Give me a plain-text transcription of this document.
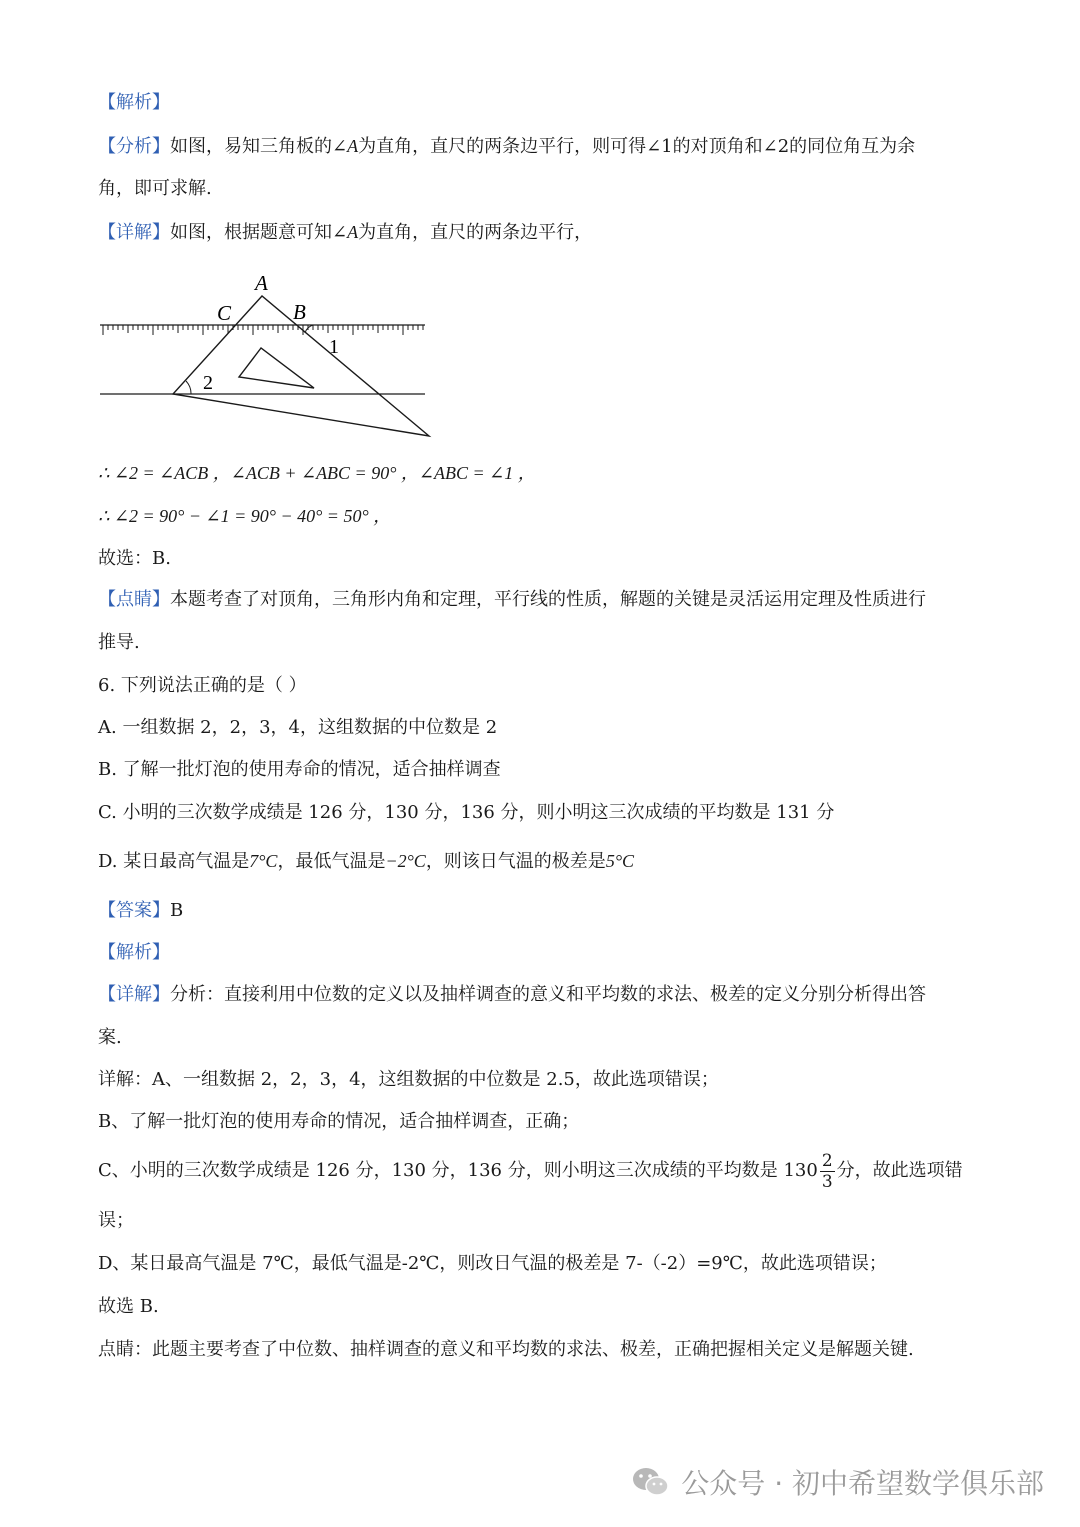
【解析】
【分析】如图，易知三角板的∠A为直角，直尺的两条边平行，则可得∠1的对顶角和∠2的同位角互为余
角，即可求解.
【详解】如图，根据题意可知∠A为直角，直尺的两条边平行，
A
B
C
1
2
∴ ∠2 = ∠ACB ，∠ACB + ∠ABC = 90° ，∠ABC = ∠1 ，
∴ ∠2 = 90° − ∠1 = 90° − 40° = 50° ，
故选：B.
【点睛】本题考查了对顶角，三角形内角和定理，平行线的性质，解题的关键是灵活运用定理及性质进行
推导.
6. 下列说法正确的是（ ）
A. 一组数据 2，2，3，4，这组数据的中位数是 2
B. 了解一批灯泡的使用寿命的情况，适合抽样调查
C. 小明的三次数学成绩是 126 分，130 分，136 分，则小明这三次成绩的平均数是 131 分
D. 某日最高气温是7°C，最低气温是−2°C，则该日气温的极差是5°C
【答案】B
【解析】
【详解】分析：直接利用中位数的定义以及抽样调查的意义和平均数的求法、极差的定义分别分析得出答
案.
详解：A、一组数据 2，2，3，4，这组数据的中位数是 2.5，故此选项错误；
B、了解一批灯泡的使用寿命的情况，适合抽样调查，正确；
C、小明的三次数学成绩是 126 分，130 分，136 分，则小明这三次成绩的平均数是 $130 \frac{2}{3}$ 分，故此选项错
误；
D、某日最高气温是 7℃，最低气温是-2℃，则改日气温的极差是 7-（-2）=9℃，故此选项错误；
故选 B.
点睛：此题主要考查了中位数、抽样调查的意义和平均数的求法、极差，正确把握相关定义是解题关键.
公众号 · 初中希望数学俱乐部
